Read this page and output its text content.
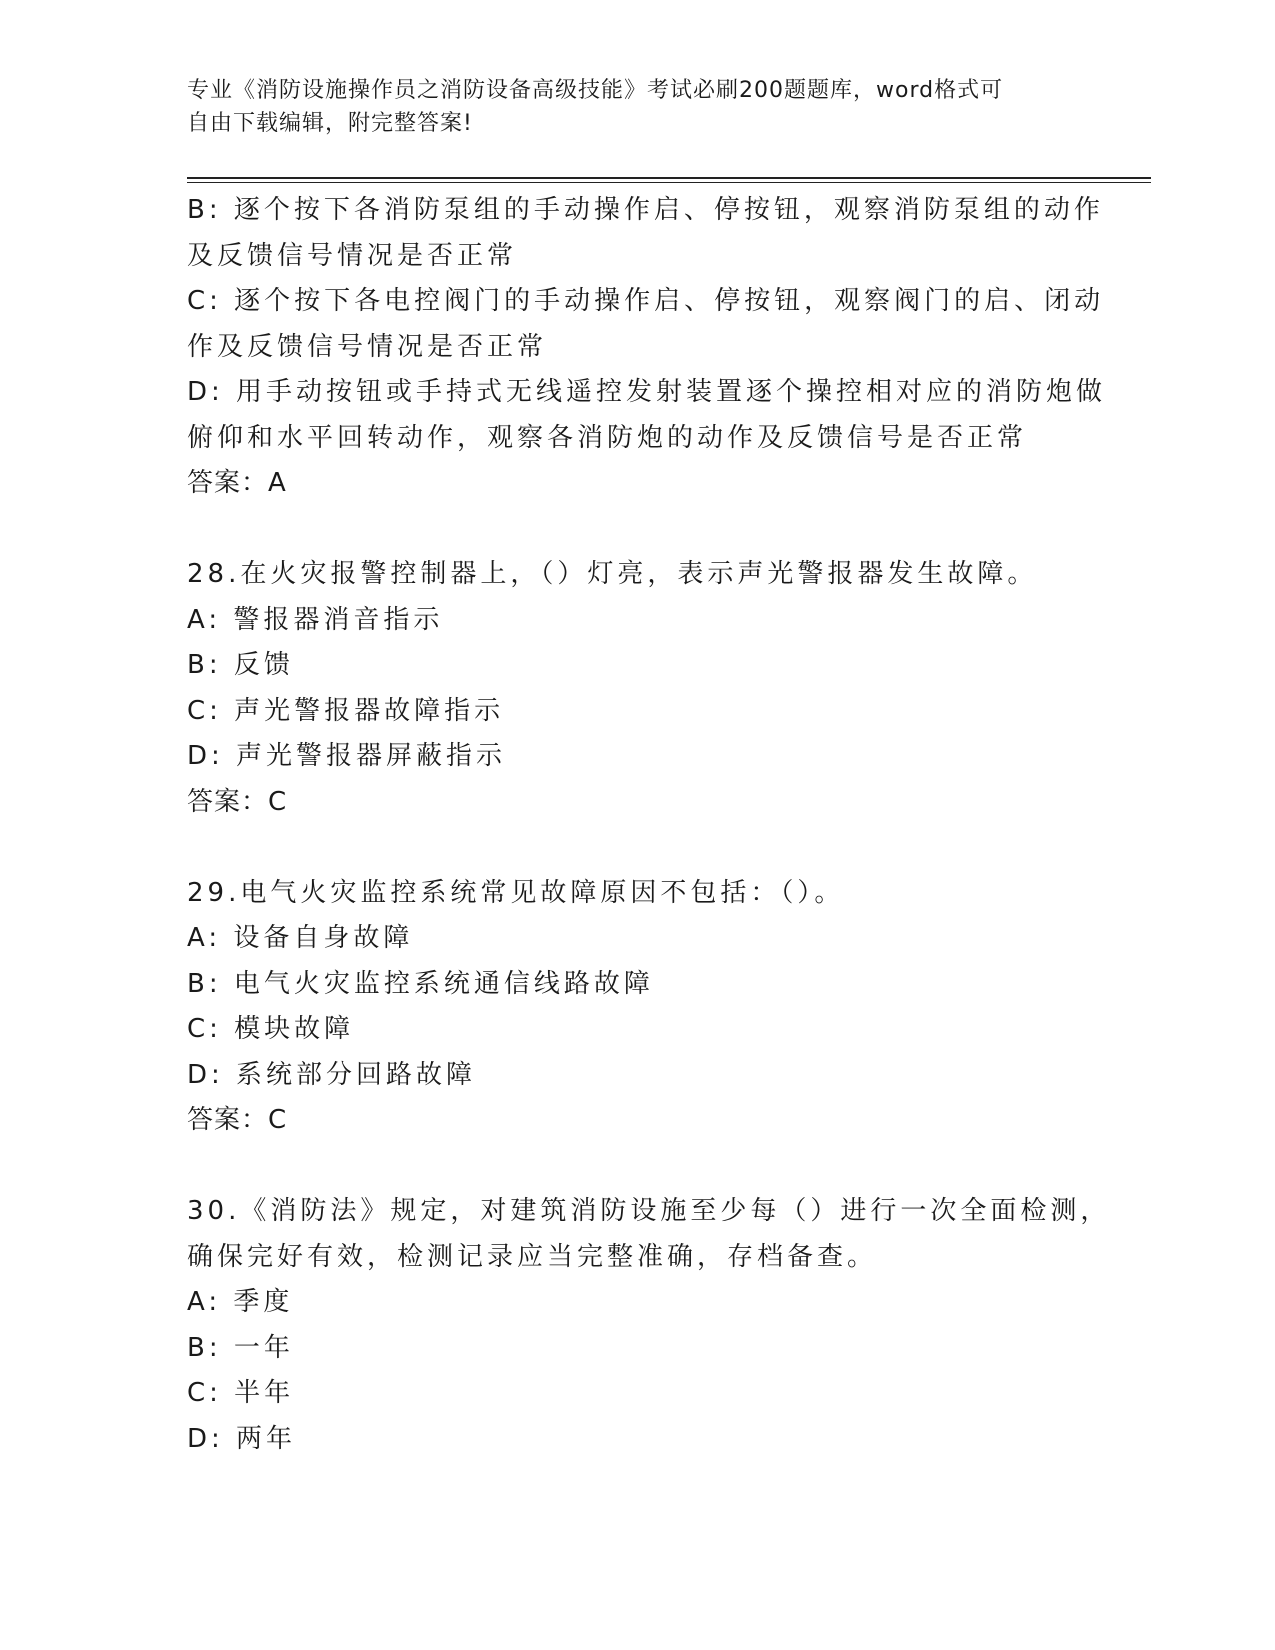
专业《消防设施操作员之消防设备高级技能》考试必刷200题题库，word格式可
自由下载编辑，附完整答案!
B: 逐个按下各消防泵组的手动操作启、停按钮，观察消防泵组的动作
及反馈信号情况是否正常
C: 逐个按下各电控阀门的手动操作启、停按钮，观察阀门的启、闭动
作及反馈信号情况是否正常
D: 用手动按钮或手持式无线遥控发射装置逐个操控相对应的消防炮做
俯仰和水平回转动作，观察各消防炮的动作及反馈信号是否正常
答案：A
28.在火灾报警控制器上，（）灯亮，表示声光警报器发生故障。
A: 警报器消音指示
B: 反馈
C: 声光警报器故障指示
D: 声光警报器屏蔽指示
答案：C
29.电气火灾监控系统常见故障原因不包括：（）。
A: 设备自身故障
B: 电气火灾监控系统通信线路故障
C: 模块故障
D: 系统部分回路故障
答案：C
30.《消防法》规定，对建筑消防设施至少每（）进行一次全面检测，
确保完好有效，检测记录应当完整准确，存档备查。
A: 季度
B: 一年
C: 半年
D: 两年
